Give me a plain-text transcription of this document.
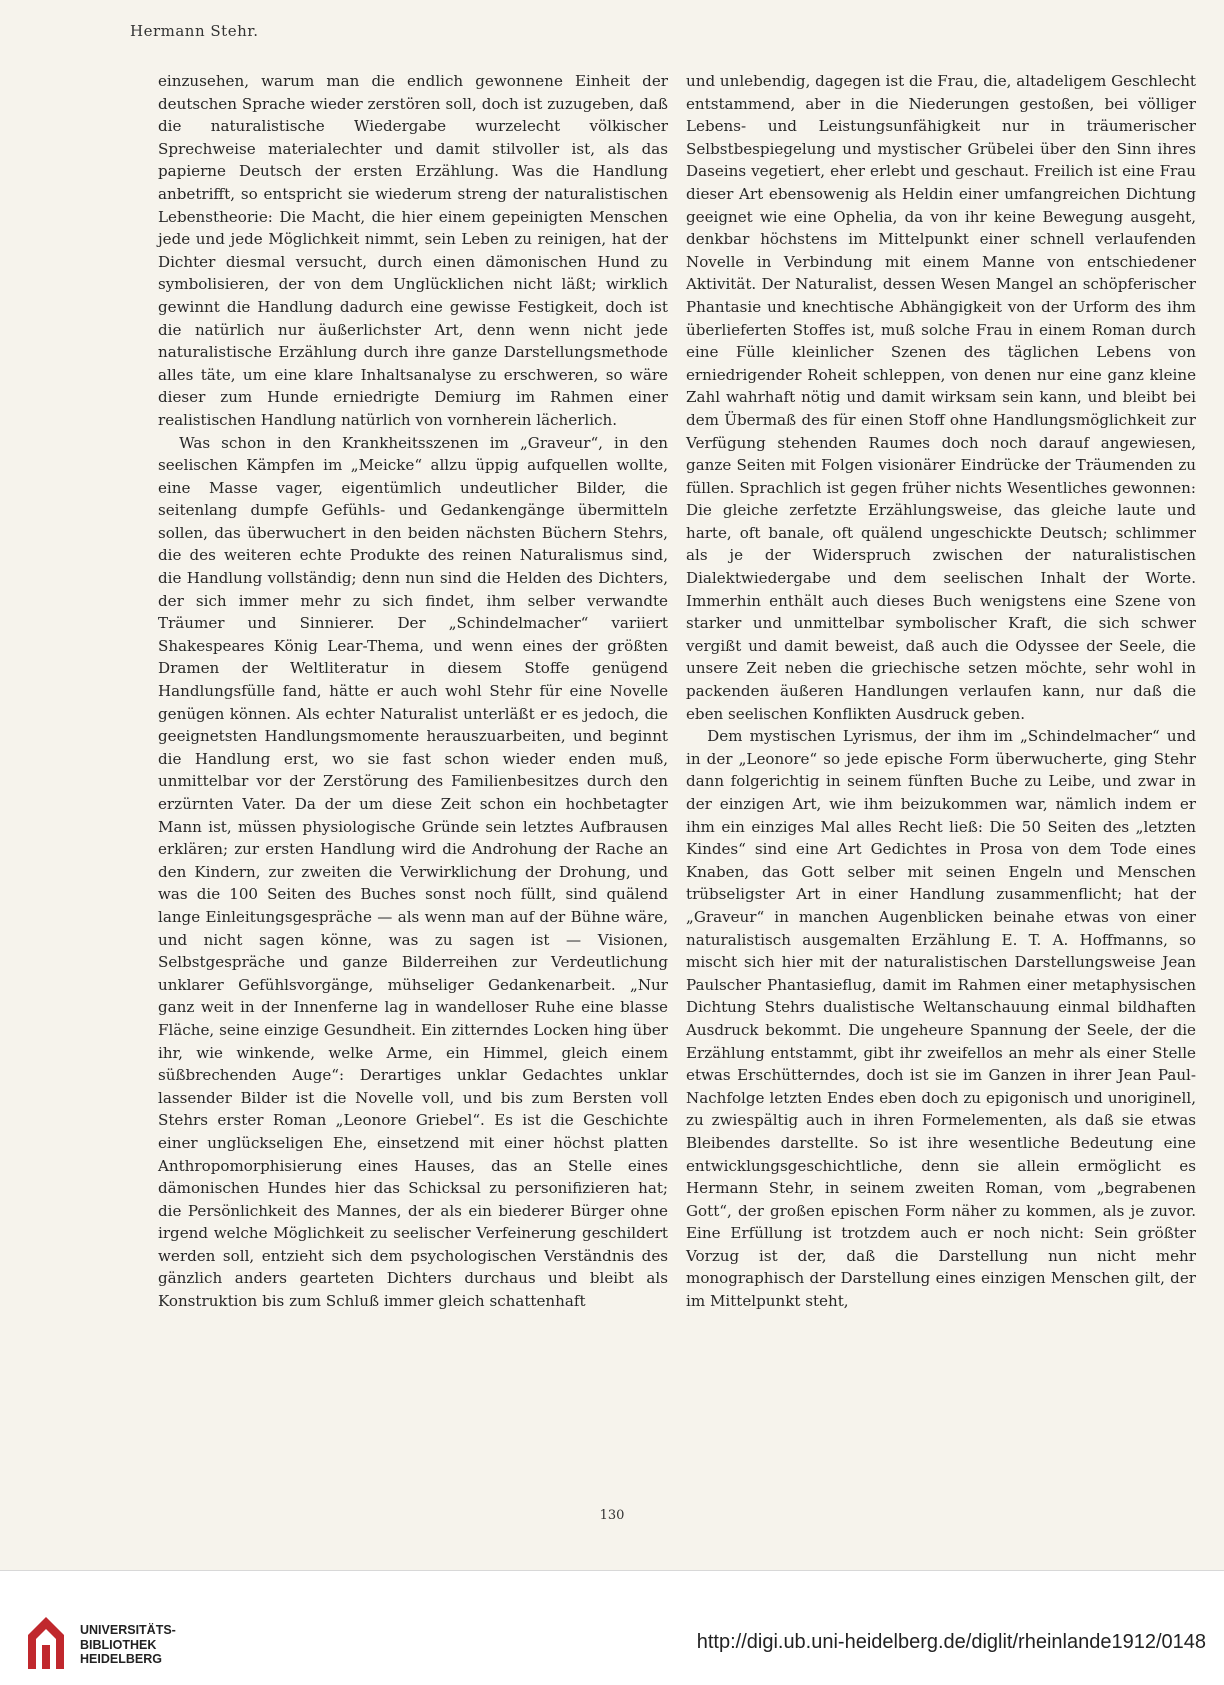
Hermann Stehr.

einzusehen, warum man die endlich gewonnene Einheit der deutschen Sprache wieder zerstören soll, doch ist zuzugeben, daß die naturalistische Wiedergabe wurzelecht völkischer Sprechweise materialechter und damit stilvoller ist, als das papierne Deutsch der ersten Erzählung. Was die Handlung anbetrifft, so entspricht sie wiederum streng der naturalistischen Lebenstheorie: Die Macht, die hier einem gepeinigten Menschen jede und jede Möglichkeit nimmt, sein Leben zu reinigen, hat der Dichter diesmal versucht, durch einen dämonischen Hund zu symbolisieren, der von dem Unglücklichen nicht läßt; wirklich gewinnt die Handlung dadurch eine gewisse Festigkeit, doch ist die natürlich nur äußerlichster Art, denn wenn nicht jede naturalistische Erzählung durch ihre ganze Darstellungsmethode alles täte, um eine klare Inhaltsanalyse zu erschweren, so wäre dieser zum Hunde erniedrigte Demiurg im Rahmen einer realistischen Handlung natürlich von vornherein lächerlich.

Was schon in den Krankheitsszenen im „Graveur“, in den seelischen Kämpfen im „Meicke“ allzu üppig aufquellen wollte, eine Masse vager, eigentümlich undeutlicher Bilder, die seitenlang dumpfe Gefühls- und Gedankengänge übermitteln sollen, das überwuchert in den beiden nächsten Büchern Stehrs, die des weiteren echte Produkte des reinen Naturalismus sind, die Handlung vollständig; denn nun sind die Helden des Dichters, der sich immer mehr zu sich findet, ihm selber verwandte Träumer und Sinnierer. Der „Schindelmacher“ variiert Shakespeares König Lear-Thema, und wenn eines der größten Dramen der Weltliteratur in diesem Stoffe genügend Handlungsfülle fand, hätte er auch wohl Stehr für eine Novelle genügen können. Als echter Naturalist unterläßt er es jedoch, die geeignetsten Handlungsmomente herauszuarbeiten, und beginnt die Handlung erst, wo sie fast schon wieder enden muß, unmittelbar vor der Zerstörung des Familienbesitzes durch den erzürnten Vater. Da der um diese Zeit schon ein hochbetagter Mann ist, müssen physiologische Gründe sein letztes Aufbrausen erklären; zur ersten Handlung wird die Androhung der Rache an den Kindern, zur zweiten die Verwirklichung der Drohung, und was die 100 Seiten des Buches sonst noch füllt, sind quälend lange Einleitungsgespräche — als wenn man auf der Bühne wäre, und nicht sagen könne, was zu sagen ist — Visionen, Selbstgespräche und ganze Bilderreihen zur Verdeutlichung unklarer Gefühlsvorgänge, mühseliger Gedankenarbeit. „Nur ganz weit in der Innenferne lag in wandelloser Ruhe eine blasse Fläche, seine einzige Gesundheit. Ein zitterndes Locken hing über ihr, wie winkende, welke Arme, ein Himmel, gleich einem süßbrechenden Auge“: Derartiges unklar Gedachtes unklar lassender Bilder ist die Novelle voll, und bis zum Bersten voll Stehrs erster Roman „Leonore Griebel“. Es ist die Geschichte einer unglückseligen Ehe, einsetzend mit einer höchst platten Anthropomorphisierung eines Hauses, das an Stelle eines dämonischen Hundes hier das Schicksal zu personifizieren hat; die Persönlichkeit des Mannes, der als ein biederer Bürger ohne irgend welche Möglichkeit zu seelischer Verfeinerung geschildert werden soll, entzieht sich dem psychologischen Verständnis des gänzlich anders gearteten Dichters durchaus und bleibt als Konstruktion bis zum Schluß immer gleich schattenhaft

und unlebendig, dagegen ist die Frau, die, altadeligem Geschlecht entstammend, aber in die Niederungen gestoßen, bei völliger Lebens- und Leistungsunfähigkeit nur in träumerischer Selbstbespiegelung und mystischer Grübelei über den Sinn ihres Daseins vegetiert, eher erlebt und geschaut. Freilich ist eine Frau dieser Art ebensowenig als Heldin einer umfangreichen Dichtung geeignet wie eine Ophelia, da von ihr keine Bewegung ausgeht, denkbar höchstens im Mittelpunkt einer schnell verlaufenden Novelle in Verbindung mit einem Manne von entschiedener Aktivität. Der Naturalist, dessen Wesen Mangel an schöpferischer Phantasie und knechtische Abhängigkeit von der Urform des ihm überlieferten Stoffes ist, muß solche Frau in einem Roman durch eine Fülle kleinlicher Szenen des täglichen Lebens von erniedrigender Roheit schleppen, von denen nur eine ganz kleine Zahl wahrhaft nötig und damit wirksam sein kann, und bleibt bei dem Übermaß des für einen Stoff ohne Handlungsmöglichkeit zur Verfügung stehenden Raumes doch noch darauf angewiesen, ganze Seiten mit Folgen visionärer Eindrücke der Träumenden zu füllen. Sprachlich ist gegen früher nichts Wesentliches gewonnen: Die gleiche zerfetzte Erzählungsweise, das gleiche laute und harte, oft banale, oft quälend ungeschickte Deutsch; schlimmer als je der Widerspruch zwischen der naturalistischen Dialektwiedergabe und dem seelischen Inhalt der Worte. Immerhin enthält auch dieses Buch wenigstens eine Szene von starker und unmittelbar symbolischer Kraft, die sich schwer vergißt und damit beweist, daß auch die Odyssee der Seele, die unsere Zeit neben die griechische setzen möchte, sehr wohl in packenden äußeren Handlungen verlaufen kann, nur daß die eben seelischen Konflikten Ausdruck geben.

Dem mystischen Lyrismus, der ihm im „Schindelmacher“ und in der „Leonore“ so jede epische Form überwucherte, ging Stehr dann folgerichtig in seinem fünften Buche zu Leibe, und zwar in der einzigen Art, wie ihm beizukommen war, nämlich indem er ihm ein einziges Mal alles Recht ließ: Die 50 Seiten des „letzten Kindes“ sind eine Art Gedichtes in Prosa von dem Tode eines Knaben, das Gott selber mit seinen Engeln und Menschen trübseligster Art in einer Handlung zusammenflicht; hat der „Graveur“ in manchen Augenblicken beinahe etwas von einer naturalistisch ausgemalten Erzählung E. T. A. Hoffmanns, so mischt sich hier mit der naturalistischen Darstellungsweise Jean Paulscher Phantasieflug, damit im Rahmen einer metaphysischen Dichtung Stehrs dualistische Weltanschauung einmal bildhaften Ausdruck bekommt. Die ungeheure Spannung der Seele, der die Erzählung entstammt, gibt ihr zweifellos an mehr als einer Stelle etwas Erschütterndes, doch ist sie im Ganzen in ihrer Jean Paul-Nachfolge letzten Endes eben doch zu epigonisch und unoriginell, zu zwiespältig auch in ihren Formelementen, als daß sie etwas Bleibendes darstellte. So ist ihre wesentliche Bedeutung eine entwicklungsgeschichtliche, denn sie allein ermöglicht es Hermann Stehr, in seinem zweiten Roman, vom „begrabenen Gott“, der großen epischen Form näher zu kommen, als je zuvor. Eine Erfüllung ist trotzdem auch er noch nicht: Sein größter Vorzug ist der, daß die Darstellung nun nicht mehr monographisch der Darstellung eines einzigen Menschen gilt, der im Mittelpunkt steht,

130
UNIVERSITÄTS-
BIBLIOTHEK
HEIDELBERG
http://digi.ub.uni-heidelberg.de/diglit/rheinlande1912/0148
